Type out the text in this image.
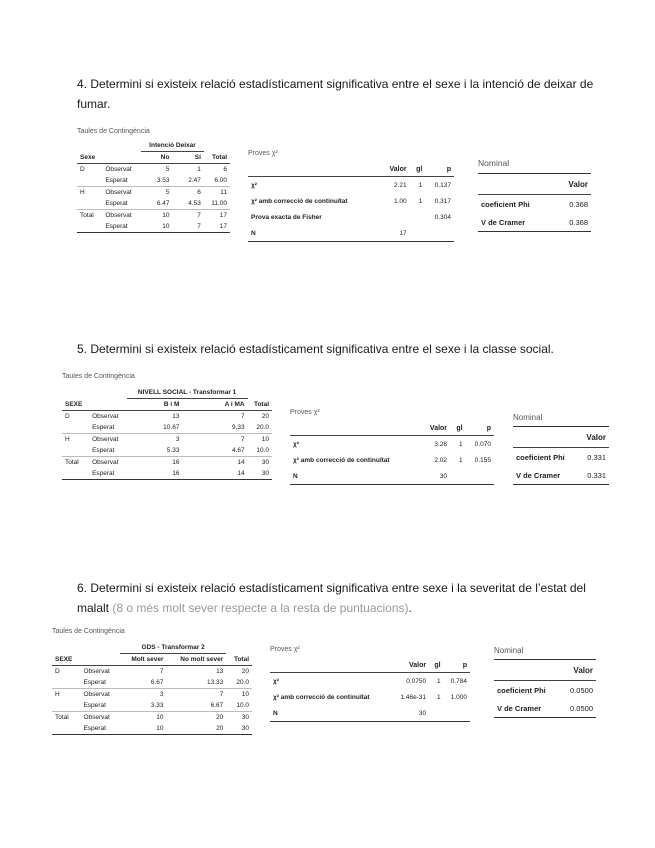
4. Determini si existeix relació estadísticament significativa entre el sexe i la intenció de deixar de fumar.
Taules de Contingència
		Intenció Deixar		
Sexe		No	Sí	Total
D	Observat	5	1	6
	Esperat	3.53	2.47	6.00
H	Observat	5	6	11
	Esperat	6.47	4.53	11.00
Total	Observat	10	7	17
	Esperat	10	7	17
Proves χ²
	Valor	gl	p
χ²	2.21	1	0.137
χ² amb correcció de continuïtat	1.00	1	0.317
Prova exacta de Fisher			0.304
N	17		
Nominal
	Valor
coeficient Phi	0.368
V de Cramer	0.368
5. Determini si existeix relació estadísticament significativa entre el sexe i la classe social.
Taules de Contingència
		NIVELL SOCIAL - Transformar 1		
SEXE		B i M	A i MA	Total
D	Observat	13	7	20
	Esperat	10.67	9.33	20.0
H	Observat	3	7	10
	Esperat	5.33	4.67	10.0
Total	Observat	16	14	30
	Esperat	16	14	30
Proves χ²
	Valor	gl	p
χ²	3.28	1	0.070
χ² amb correcció de continuïtat	2.02	1	0.155
N	30		
Nominal
	Valor
coeficient Phi	0.331
V de Cramer	0.331
6. Determini si existeix relació estadísticament significativa entre sexe i la severitat de l’estat del malalt (8 o més molt sever respecte a la resta de puntuacions).
Taules de Contingència
		GDS - Transformar 2		
SEXE		Molt sever	No molt sever	Total
D	Observat	7	13	20
	Esperat	6.67	13.33	20.0
H	Observat	3	7	10
	Esperat	3.33	6.67	10.0
Total	Observat	10	20	30
	Esperat	10	20	30
Proves χ²
	Valor	gl	p
χ²	0.0750	1	0.784
χ² amb correcció de continuïtat	1.46e-31	1	1.000
N	30		
Nominal
	Valor
coeficient Phi	0.0500
V de Cramer	0.0500
